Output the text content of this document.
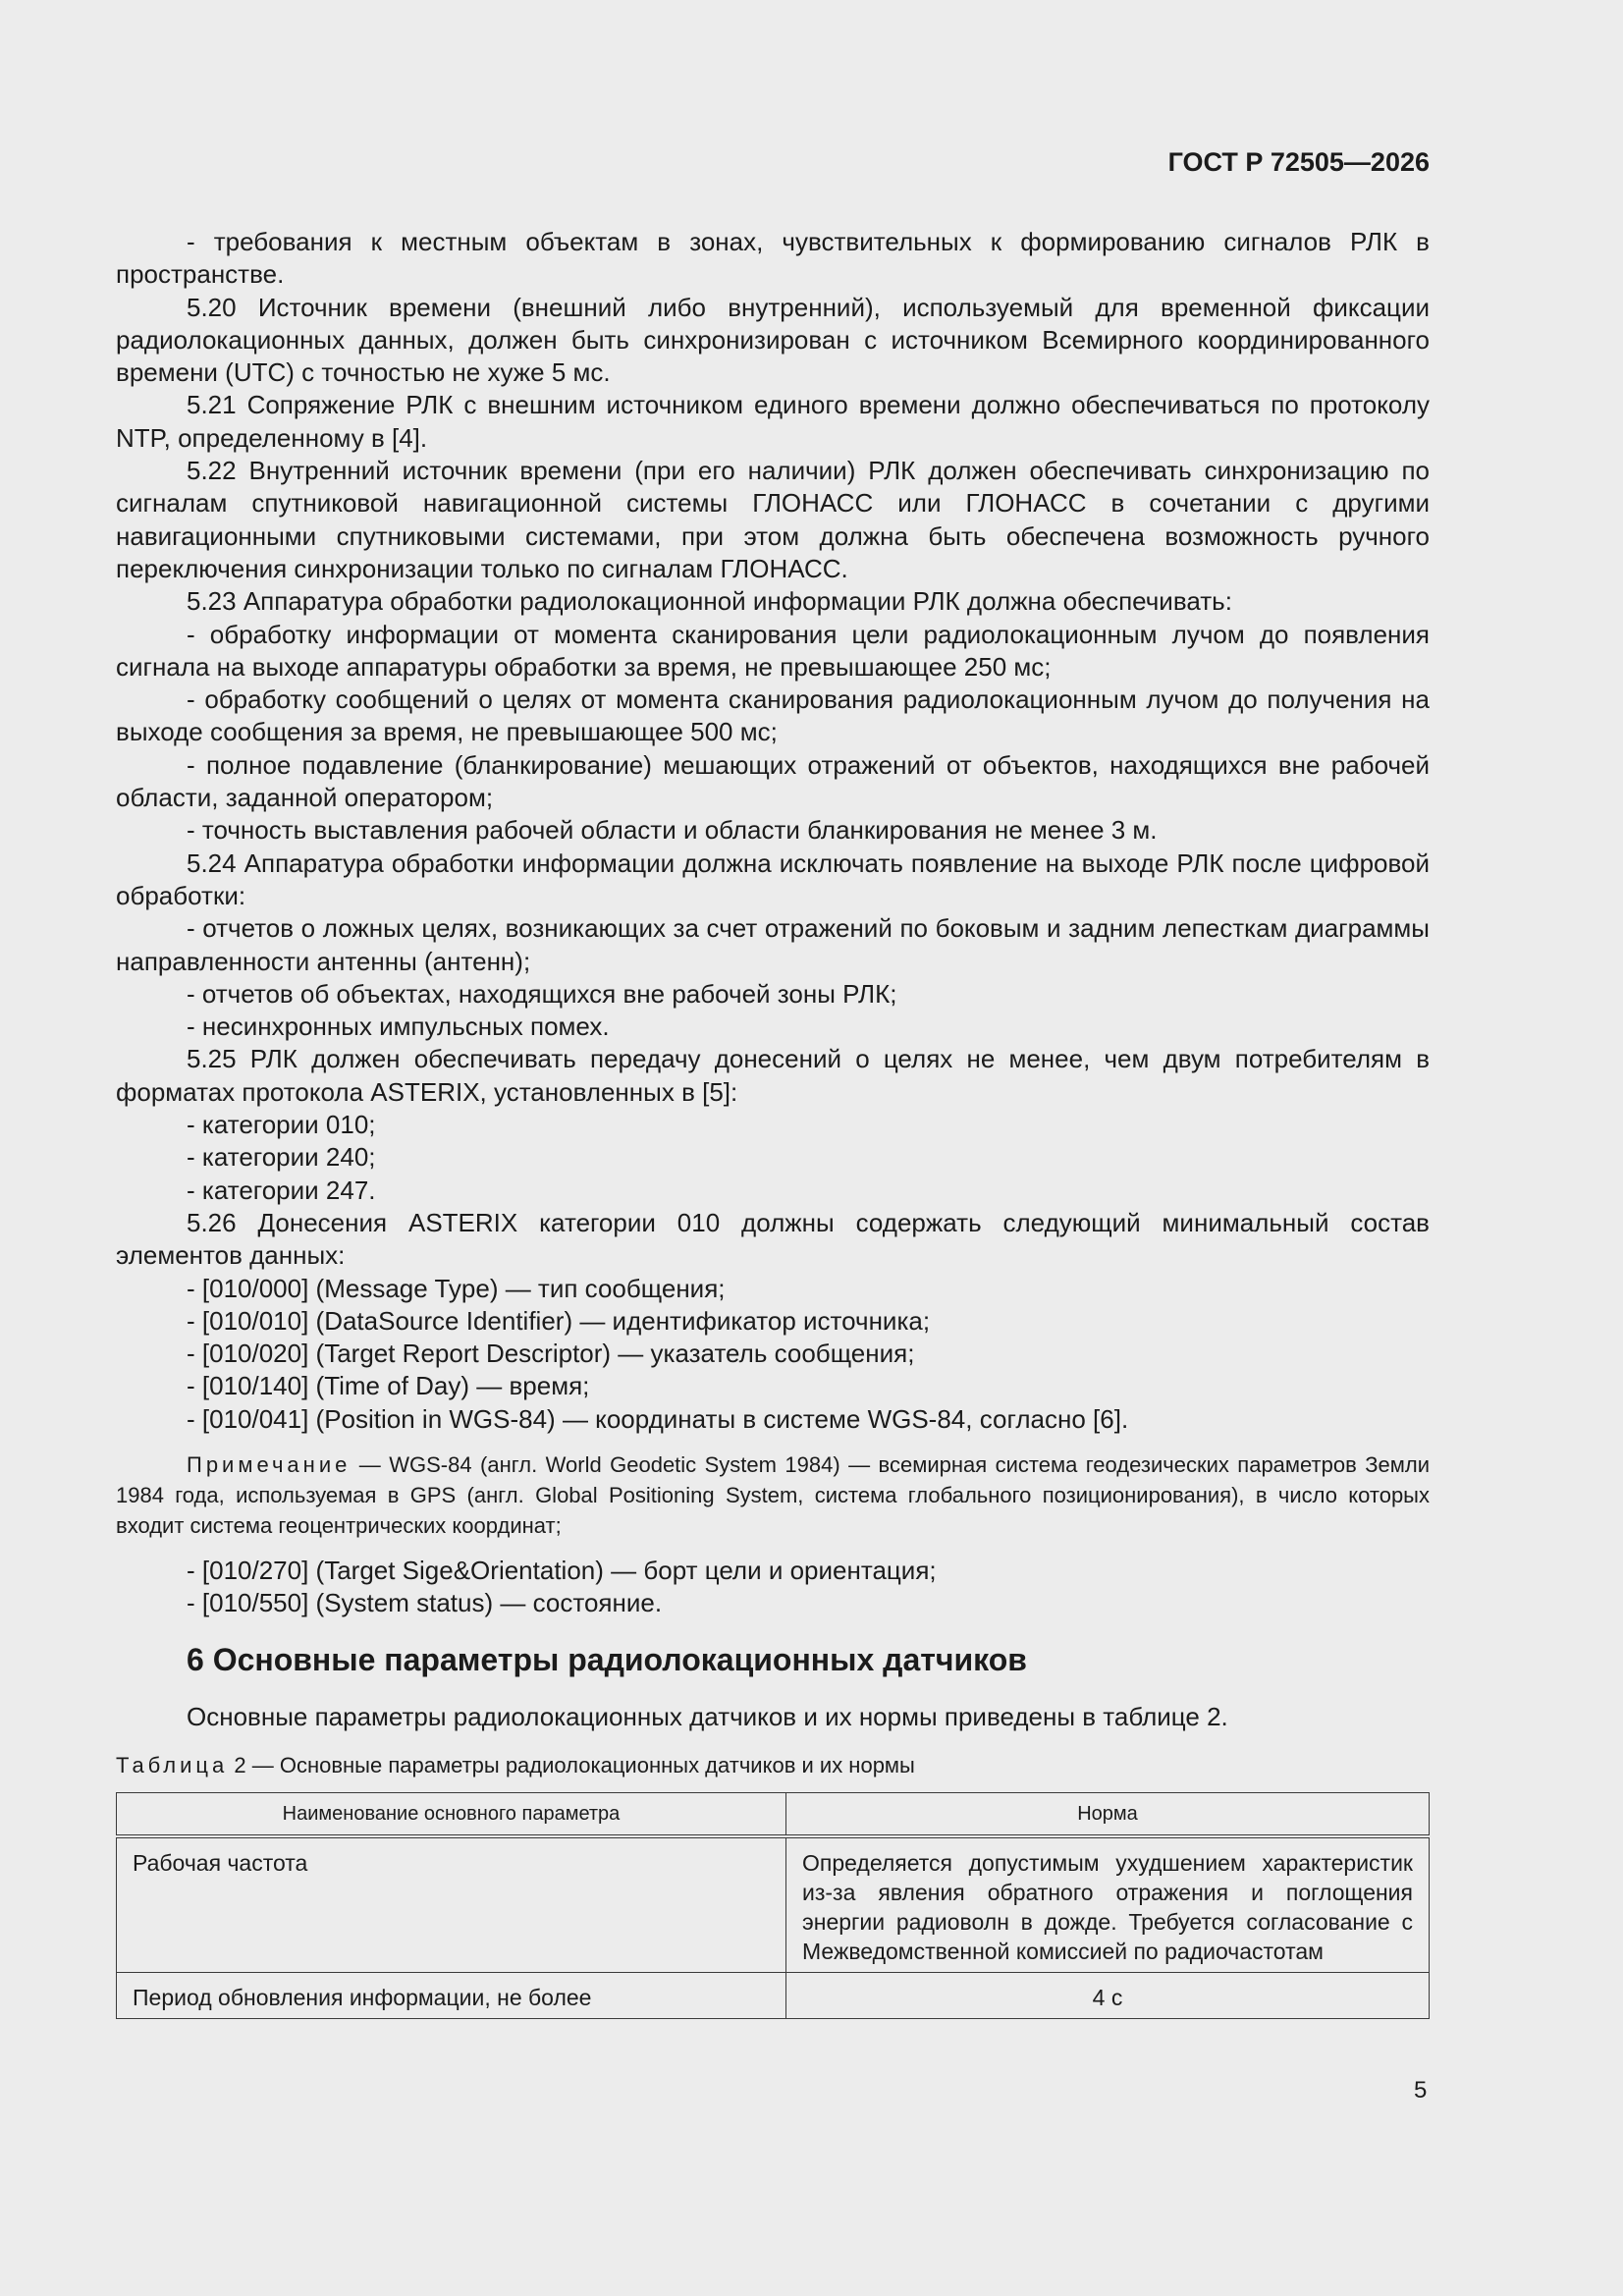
ГОСТ Р 72505—2026

- требования к местным объектам в зонах, чувствительных к формированию сигналов РЛК в пространстве.

5.20 Источник времени (внешний либо внутренний), используемый для временной фиксации радиолокационных данных, должен быть синхронизирован с источником Всемирного координированного времени (UTC) с точностью не хуже 5 мс.

5.21 Сопряжение РЛК с внешним источником единого времени должно обеспечиваться по протоколу NTP, определенному в [4].

5.22 Внутренний источник времени (при его наличии) РЛК должен обеспечивать синхронизацию по сигналам спутниковой навигационной системы ГЛОНАСС или ГЛОНАСС в сочетании с другими навигационными спутниковыми системами, при этом должна быть обеспечена возможность ручного переключения синхронизации только по сигналам ГЛОНАСС.

5.23 Аппаратура обработки радиолокационной информации РЛК должна обеспечивать:

- обработку информации от момента сканирования цели радиолокационным лучом до появления сигнала на выходе аппаратуры обработки за время, не превышающее 250 мс;

- обработку сообщений о целях от момента сканирования радиолокационным лучом до получения на выходе сообщения за время, не превышающее 500 мс;

- полное подавление (бланкирование) мешающих отражений от объектов, находящихся вне рабочей области, заданной оператором;

- точность выставления рабочей области и области бланкирования не менее 3 м.

5.24 Аппаратура обработки информации должна исключать появление на выходе РЛК после цифровой обработки:

- отчетов о ложных целях, возникающих за счет отражений по боковым и задним лепесткам диаграммы направленности антенны (антенн);

- отчетов об объектах, находящихся вне рабочей зоны РЛК;

- несинхронных импульсных помех.

5.25 РЛК должен обеспечивать передачу донесений о целях не менее, чем двум потребителям в форматах протокола ASTERIX, установленных в [5]:

- категории 010;

- категории 240;

- категории 247.

5.26 Донесения ASTERIX категории 010 должны содержать следующий минимальный состав элементов данных:

- [010/000] (Message Type) — тип сообщения;

- [010/010] (DataSource Identifier) — идентификатор источника;

- [010/020] (Target Report Descriptor) — указатель сообщения;

- [010/140] (Time of Day) — время;

- [010/041] (Position in WGS-84) — координаты в системе WGS-84, согласно [6].

Примечание — WGS-84 (англ. World Geodetic System 1984) — всемирная система геодезических параметров Земли 1984 года, используемая в GPS (англ. Global Positioning System, система глобального позиционирования), в число которых входит система геоцентрических координат;

- [010/270] (Target Sige&Orientation) — борт цели и ориентация;

- [010/550] (System status) — состояние.

6 Основные параметры радиолокационных датчиков
Основные параметры радиолокационных датчиков и их нормы приведены в таблице 2.
Таблица 2 — Основные параметры радиолокационных датчиков и их нормы
Наименование основного параметра	Норма
Рабочая частота	Определяется допустимым ухудшением характеристик из-за явления обратного отражения и поглощения энергии радиоволн в дожде. Требуется согласование с Межведомственной комиссией по радиочастотам
Период обновления информации, не более	4 с
5
